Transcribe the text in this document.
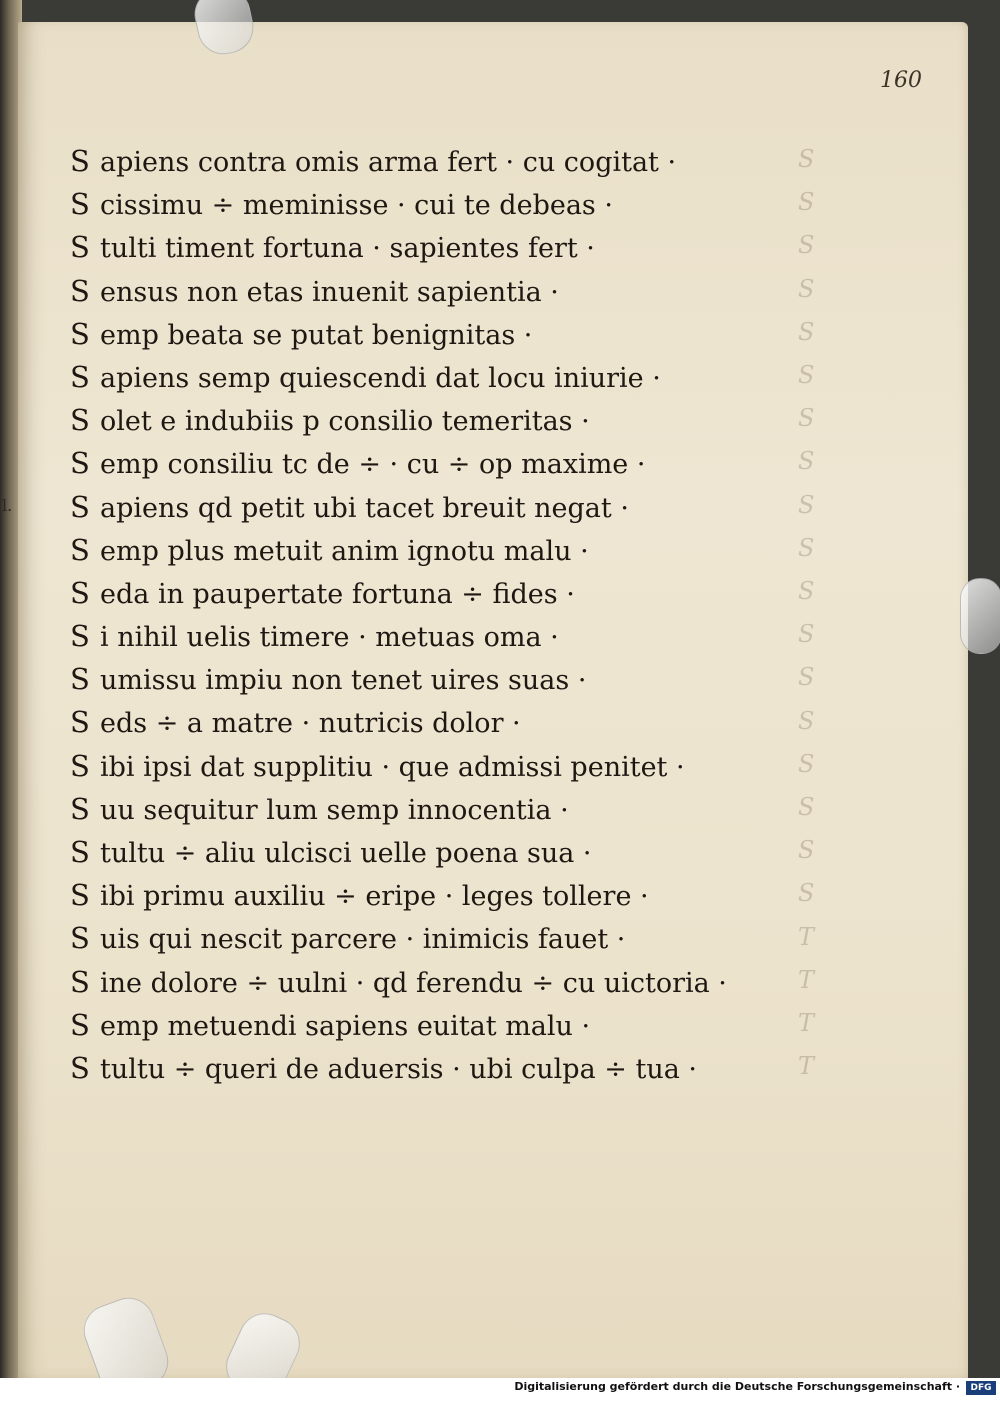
S
S
S
S
S
S
S
S
S
S
S
S
S
S
S
S
S
S
T
T
T
T
160
l.
S apiens contra omis arma fert · cu cogitat ·
S cissimu ÷ meminisse · cui te debeas ·
S tulti timent fortuna · sapientes fert ·
S ensus non etas inuenit sapientia ·
S emp beata se putat benignitas ·
S apiens semp quiescendi dat locu iniurie ·
S olet e indubiis p consilio temeritas ·
S emp consiliu tc de ÷ · cu ÷ op maxime ·
S apiens qd petit ubi tacet breuit negat ·
S emp plus metuit anim ignotu malu ·
S eda in paupertate fortuna ÷ fides ·
S i nihil uelis timere · metuas oma ·
S umissu impiu non tenet uires suas ·
S eds ÷ a matre · nutricis dolor ·
S ibi ipsi dat supplitiu · que admissi penitet ·
S uu sequitur lum semp innocentia ·
S tultu ÷ aliu ulcisci uelle poena sua ·
S ibi primu auxiliu ÷ eripe · leges tollere ·
S uis qui nescit parcere · inimicis fauet ·
S ine dolore ÷ uulni · qd ferendu ÷ cu uictoria ·
S emp metuendi sapiens euitat malu ·
S tultu ÷ queri de aduersis · ubi culpa ÷ tua ·
Digitalisierung gefördert durch die Deutsche Forschungsgemeinschaft ·	DFG
